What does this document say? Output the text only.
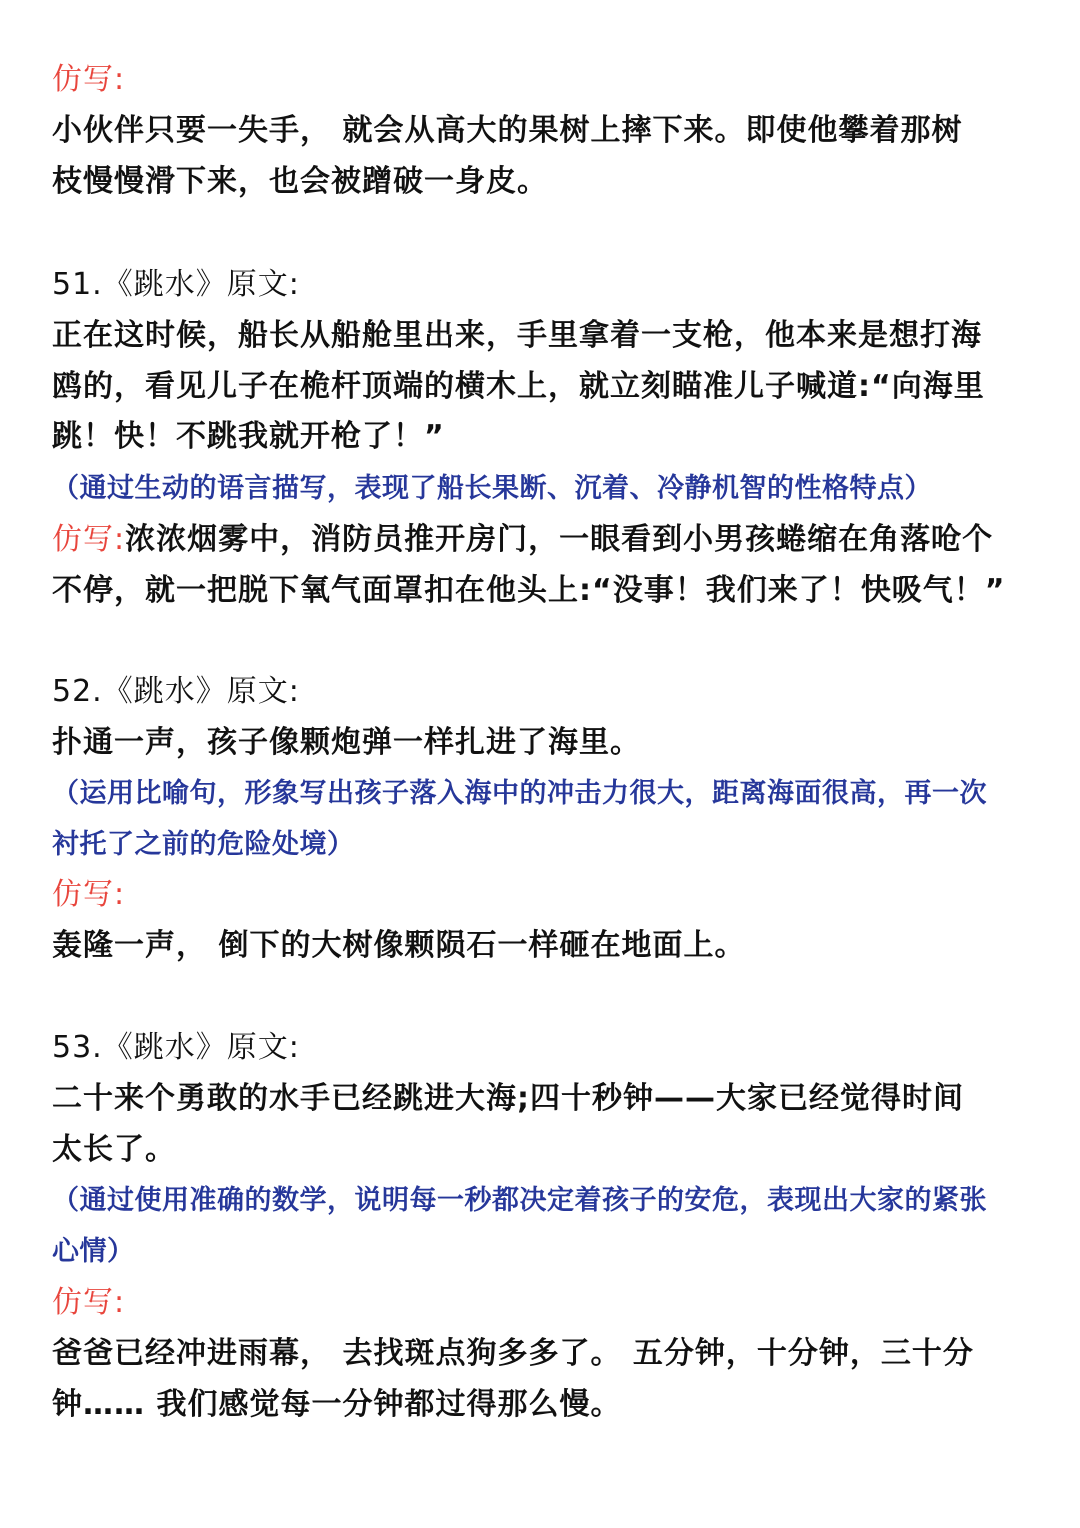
仿写:
小伙伴只要一失手， 就会从高大的果树上摔下来。即使他攀着那树
枝慢慢滑下来，也会被蹭破一身皮。
51.《跳水》原文:
正在这时候，船长从船舱里出来，手里拿着一支枪，他本来是想打海
鸥的，看见儿子在桅杆顶端的横木上，就立刻瞄准儿子喊道:“向海里
跳！快！不跳我就开枪了！”
（通过生动的语言描写，表现了船长果断、沉着、冷静机智的性格特点）
仿写:浓浓烟雾中，消防员推开房门，一眼看到小男孩蜷缩在角落呛个
不停，就一把脱下氧气面罩扣在他头上:“没事！我们来了！快吸气！”
52.《跳水》原文:
扑通一声，孩子像颗炮弹一样扎进了海里。
（运用比喻句，形象写出孩子落入海中的冲击力很大，距离海面很高，再一次
衬托了之前的危险处境）
仿写:
轰隆一声， 倒下的大树像颗陨石一样砸在地面上。
53.《跳水》原文:
二十来个勇敢的水手已经跳进大海;四十秒钟——大家已经觉得时间
太长了。
（通过使用准确的数学，说明每一秒都决定着孩子的安危，表现出大家的紧张
心情）
仿写:
爸爸已经冲进雨幕， 去找斑点狗多多了。 五分钟，十分钟，三十分
钟…… 我们感觉每一分钟都过得那么慢。
